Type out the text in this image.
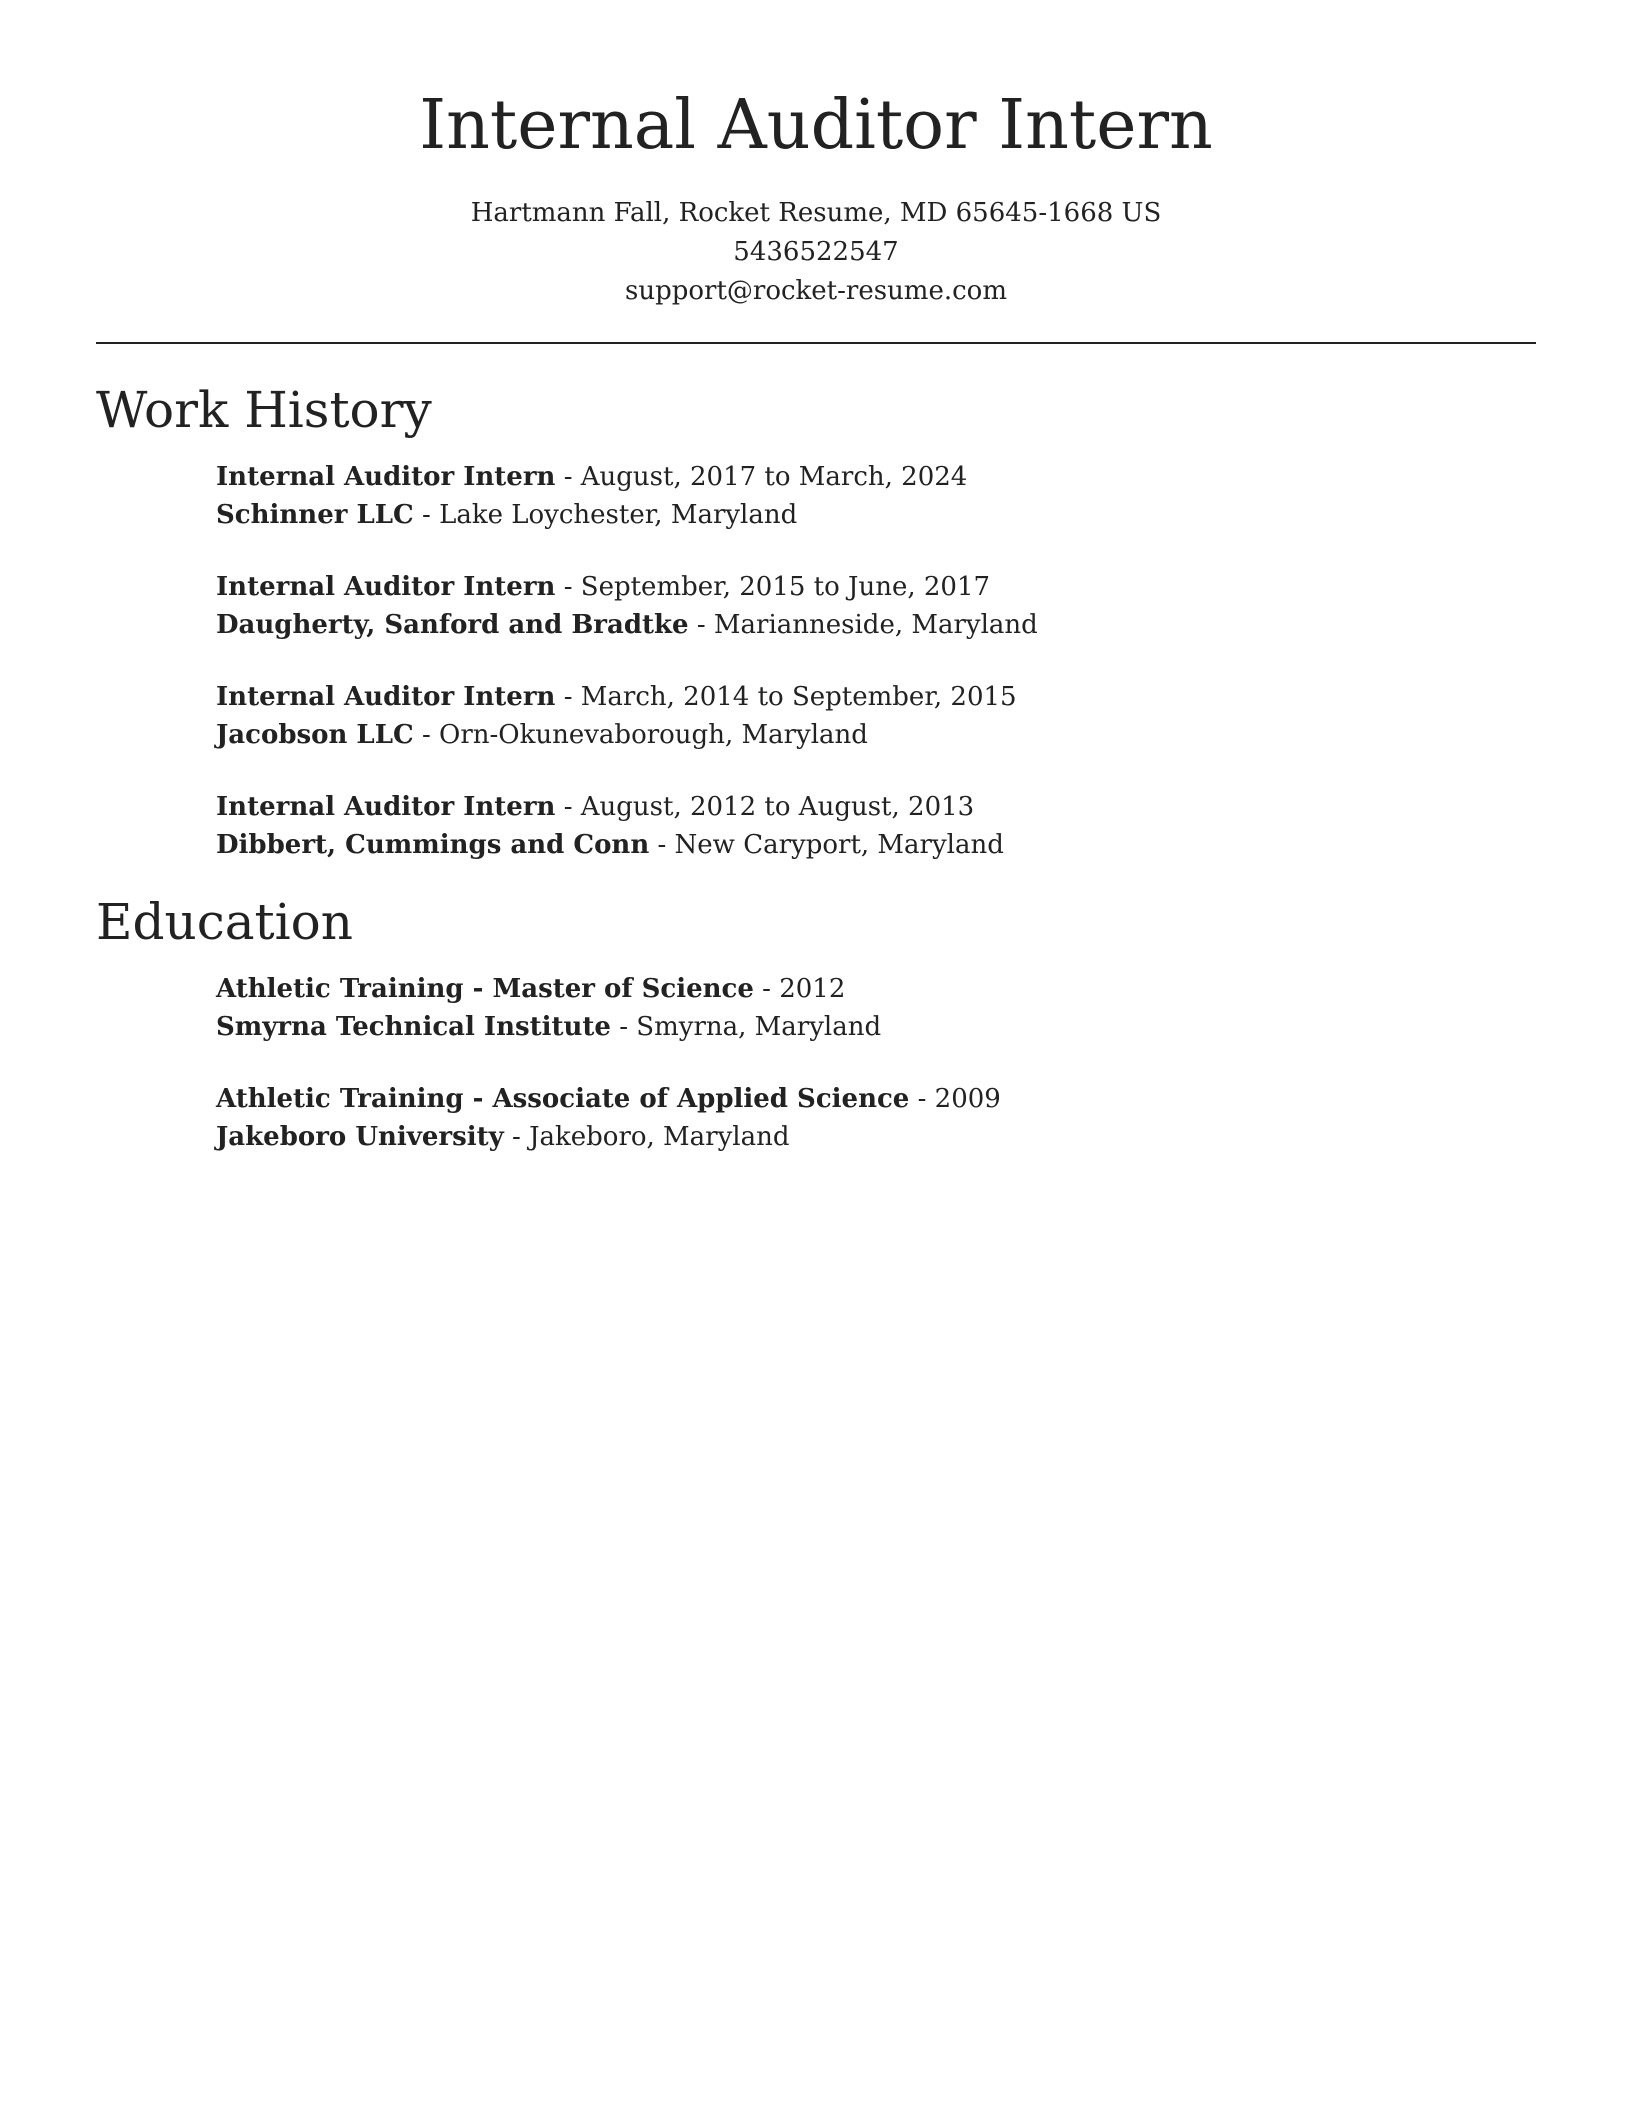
Internal Auditor Intern
Hartmann Fall, Rocket Resume, MD 65645-1668 US
5436522547
support@rocket-resume.com
Work History
Internal Auditor Intern - August, 2017 to March, 2024
Schinner LLC - Lake Loychester, Maryland
Internal Auditor Intern - September, 2015 to June, 2017
Daugherty, Sanford and Bradtke - Marianneside, Maryland
Internal Auditor Intern - March, 2014 to September, 2015
Jacobson LLC - Orn-Okunevaborough, Maryland
Internal Auditor Intern - August, 2012 to August, 2013
Dibbert, Cummings and Conn - New Caryport, Maryland
Education
Athletic Training - Master of Science - 2012
Smyrna Technical Institute - Smyrna, Maryland
Athletic Training - Associate of Applied Science - 2009
Jakeboro University - Jakeboro, Maryland
